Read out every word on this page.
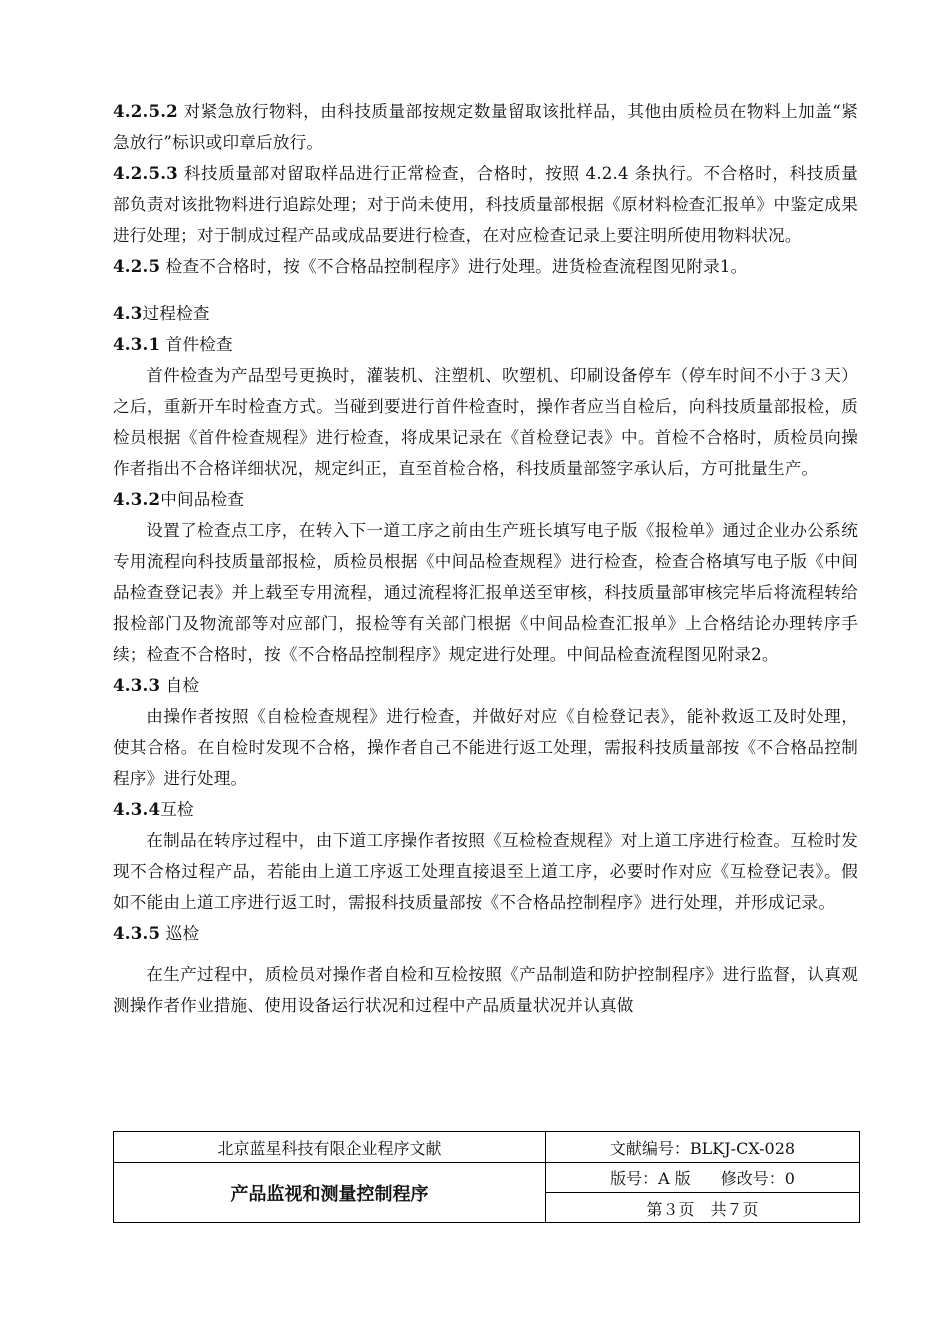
4.2.5.2 对紧急放行物料，由科技质量部按规定数量留取该批样品，其他由质检员在物料上加盖“紧急放行”标识或印章后放行。

4.2.5.3 科技质量部对留取样品进行正常检查，合格时，按照 4.2.4 条执行。不合格时，科技质量部负责对该批物料进行追踪处理；对于尚未使用，科技质量部根据《原材料检查汇报单》中鉴定成果进行处理；对于制成过程产品或成品要进行检查，在对应检查记录上要注明所使用物料状况。

4.2.5 检查不合格时，按《不合格品控制程序》进行处理。进货检查流程图见附录1。

4.3过程检查

4.3.1 首件检查

首件检查为产品型号更换时，灌装机、注塑机、吹塑机、印刷设备停车（停车时间不小于３天）之后，重新开车时检查方式。当碰到要进行首件检查时，操作者应当自检后，向科技质量部报检，质检员根据《首件检查规程》进行检查，将成果记录在《首检登记表》中。首检不合格时，质检员向操作者指出不合格详细状况，规定纠正，直至首检合格，科技质量部签字承认后，方可批量生产。

4.3.2中间品检查

设置了检查点工序，在转入下一道工序之前由生产班长填写电子版《报检单》通过企业办公系统专用流程向科技质量部报检，质检员根据《中间品检查规程》进行检查，检查合格填写电子版《中间品检查登记表》并上载至专用流程，通过流程将汇报单送至审核，科技质量部审核完毕后将流程转给报检部门及物流部等对应部门，报检等有关部门根据《中间品检查汇报单》上合格结论办理转序手续；检查不合格时，按《不合格品控制程序》规定进行处理。中间品检查流程图见附录2。

4.3.3 自检

由操作者按照《自检检查规程》进行检查，并做好对应《自检登记表》，能补救返工及时处理，使其合格。在自检时发现不合格，操作者自己不能进行返工处理，需报科技质量部按《不合格品控制程序》进行处理。

4.3.4互检

在制品在转序过程中，由下道工序操作者按照《互检检查规程》对上道工序进行检查。互检时发现不合格过程产品，若能由上道工序返工处理直接退至上道工序，必要时作对应《互检登记表》。假如不能由上道工序进行返工时，需报科技质量部按《不合格品控制程序》进行处理，并形成记录。

4.3.5 巡检

在生产过程中，质检员对操作者自检和互检按照《产品制造和防护控制程序》进行监督，认真观测操作者作业措施、使用设备运行状况和过程中产品质量状况并认真做

北京蓝星科技有限企业程序文献	文献编号：BLKJ-CX-028
产品监视和测量控制程序
版号：A 版 修改号：0
第３页　共７页
